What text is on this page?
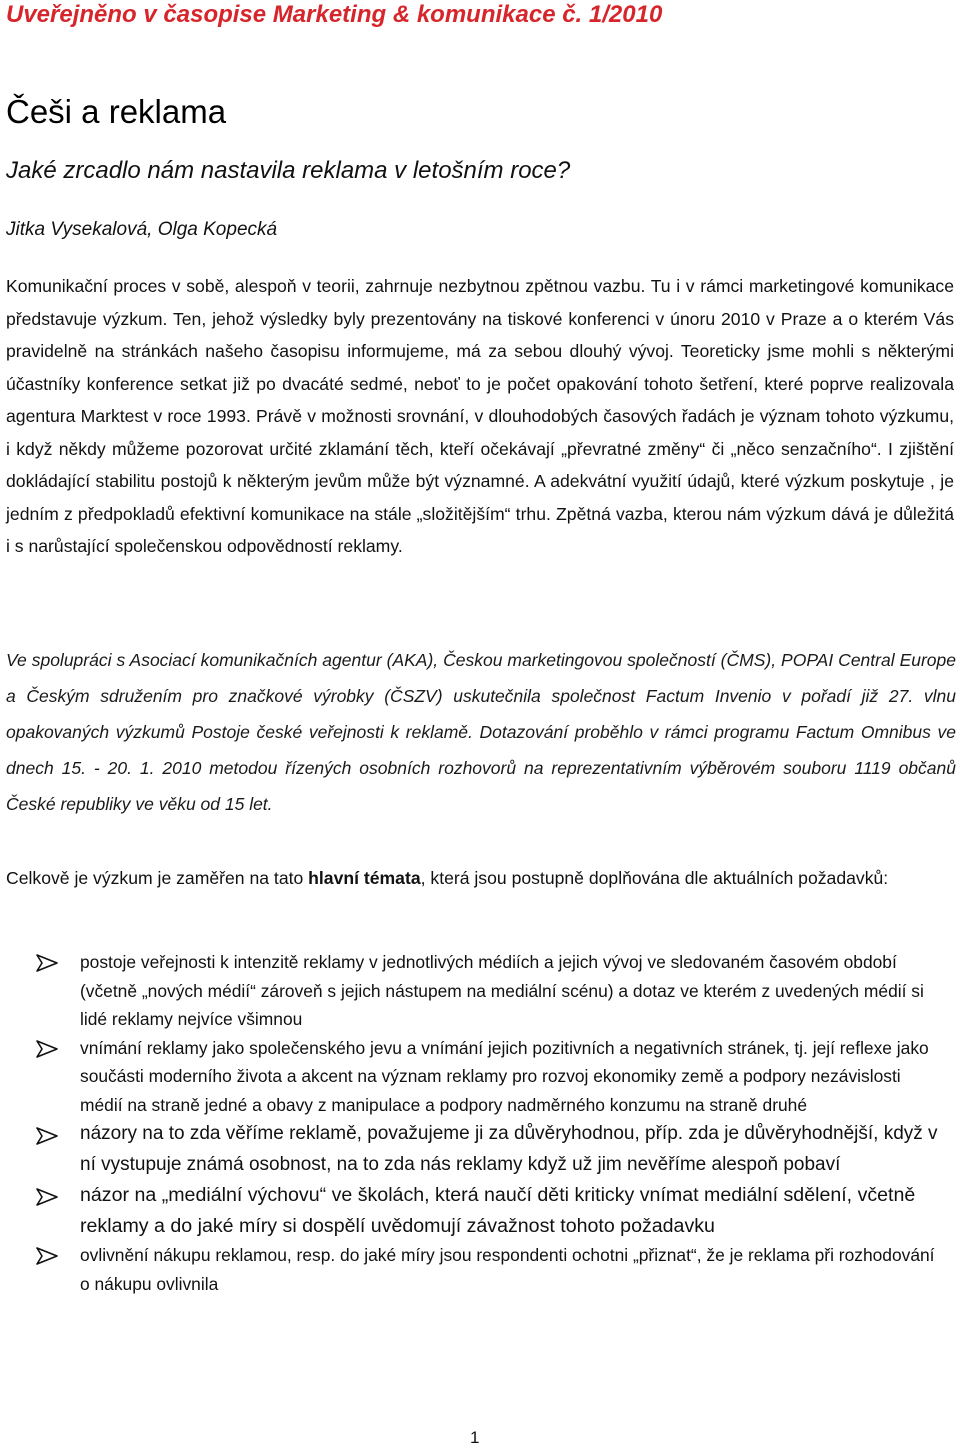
Uveřejněno v časopise Marketing & komunikace č. 1/2010
Češi a reklama
Jaké zrcadlo nám nastavila reklama v letošním roce?
Jitka Vysekalová, Olga Kopecká

Komunikační proces v sobě, alespoň v teorii, zahrnuje nezbytnou zpětnou vazbu. Tu i v rámci marketingové komunikace představuje výzkum. Ten, jehož výsledky byly prezentovány na tiskové konferenci v únoru 2010 v Praze a o kterém Vás pravidelně na stránkách našeho časopisu informujeme, má za sebou dlouhý vývoj. Teoreticky jsme mohli s některými účastníky konference setkat již po dvacáté sedmé, neboť to je počet opakování tohoto šetření, které poprve realizovala agentura Marktest v roce 1993. Právě v možnosti srovnání, v dlouhodobých časových řadách je význam tohoto výzkumu, i když někdy můžeme pozorovat určité zklamání těch, kteří očekávají „převratné změny“ či „něco senzačního“. I zjištění dokládající stabilitu postojů k některým jevům může být významné. A adekvátní využití údajů, které výzkum poskytuje , je jedním z předpokladů efektivní komunikace na stále „složitějším“ trhu. Zpětná vazba, kterou nám výzkum dává je důležitá i s narůstající společenskou odpovědností reklamy.

Ve spolupráci s Asociací komunikačních agentur (AKA), Českou marketingovou společností (ČMS), POPAI Central Europe a Českým sdružením pro značkové výrobky (ČSZV) uskutečnila společnost Factum Invenio v pořadí již 27. vlnu opakovaných výzkumů Postoje české veřejnosti k reklamě. Dotazování proběhlo v rámci programu Factum Omnibus ve dnech 15. - 20. 1. 2010 metodou řízených osobních rozhovorů na reprezentativním výběrovém souboru 1119 občanů České republiky ve věku od 15 let.

Celkově je výzkum je zaměřen na tato hlavní témata, která jsou postupně doplňována dle aktuálních požadavků:

postoje veřejnosti k intenzitě reklamy v jednotlivých médiích a jejich vývoj ve sledovaném časovém období (včetně „nových médií“ zároveň s jejich nástupem na mediální scénu) a dotaz ve kterém z uvedených médií si lidé reklamy nejvíce všimnou
vnímání reklamy jako společenského jevu a vnímání jejich pozitivních a negativních stránek, tj. její reflexe jako součásti moderního života a akcent na význam reklamy pro rozvoj ekonomiky země a podpory nezávislosti médií na straně jedné a obavy z manipulace a podpory nadměrného konzumu na straně druhé
názory na to zda věříme reklamě, považujeme ji za důvěryhodnou, příp. zda je důvěryhodnější, když v ní vystupuje známá osobnost, na to zda nás reklamy když už jim nevěříme alespoň pobaví
názor na „mediální výchovu“ ve školách, která naučí děti kriticky vnímat mediální sdělení, včetně reklamy a do jaké míry si dospělí uvědomují závažnost tohoto požadavku
ovlivnění nákupu reklamou, resp. do jaké míry jsou respondenti ochotni „přiznat“, že je reklama při rozhodování o nákupu ovlivnila
1
